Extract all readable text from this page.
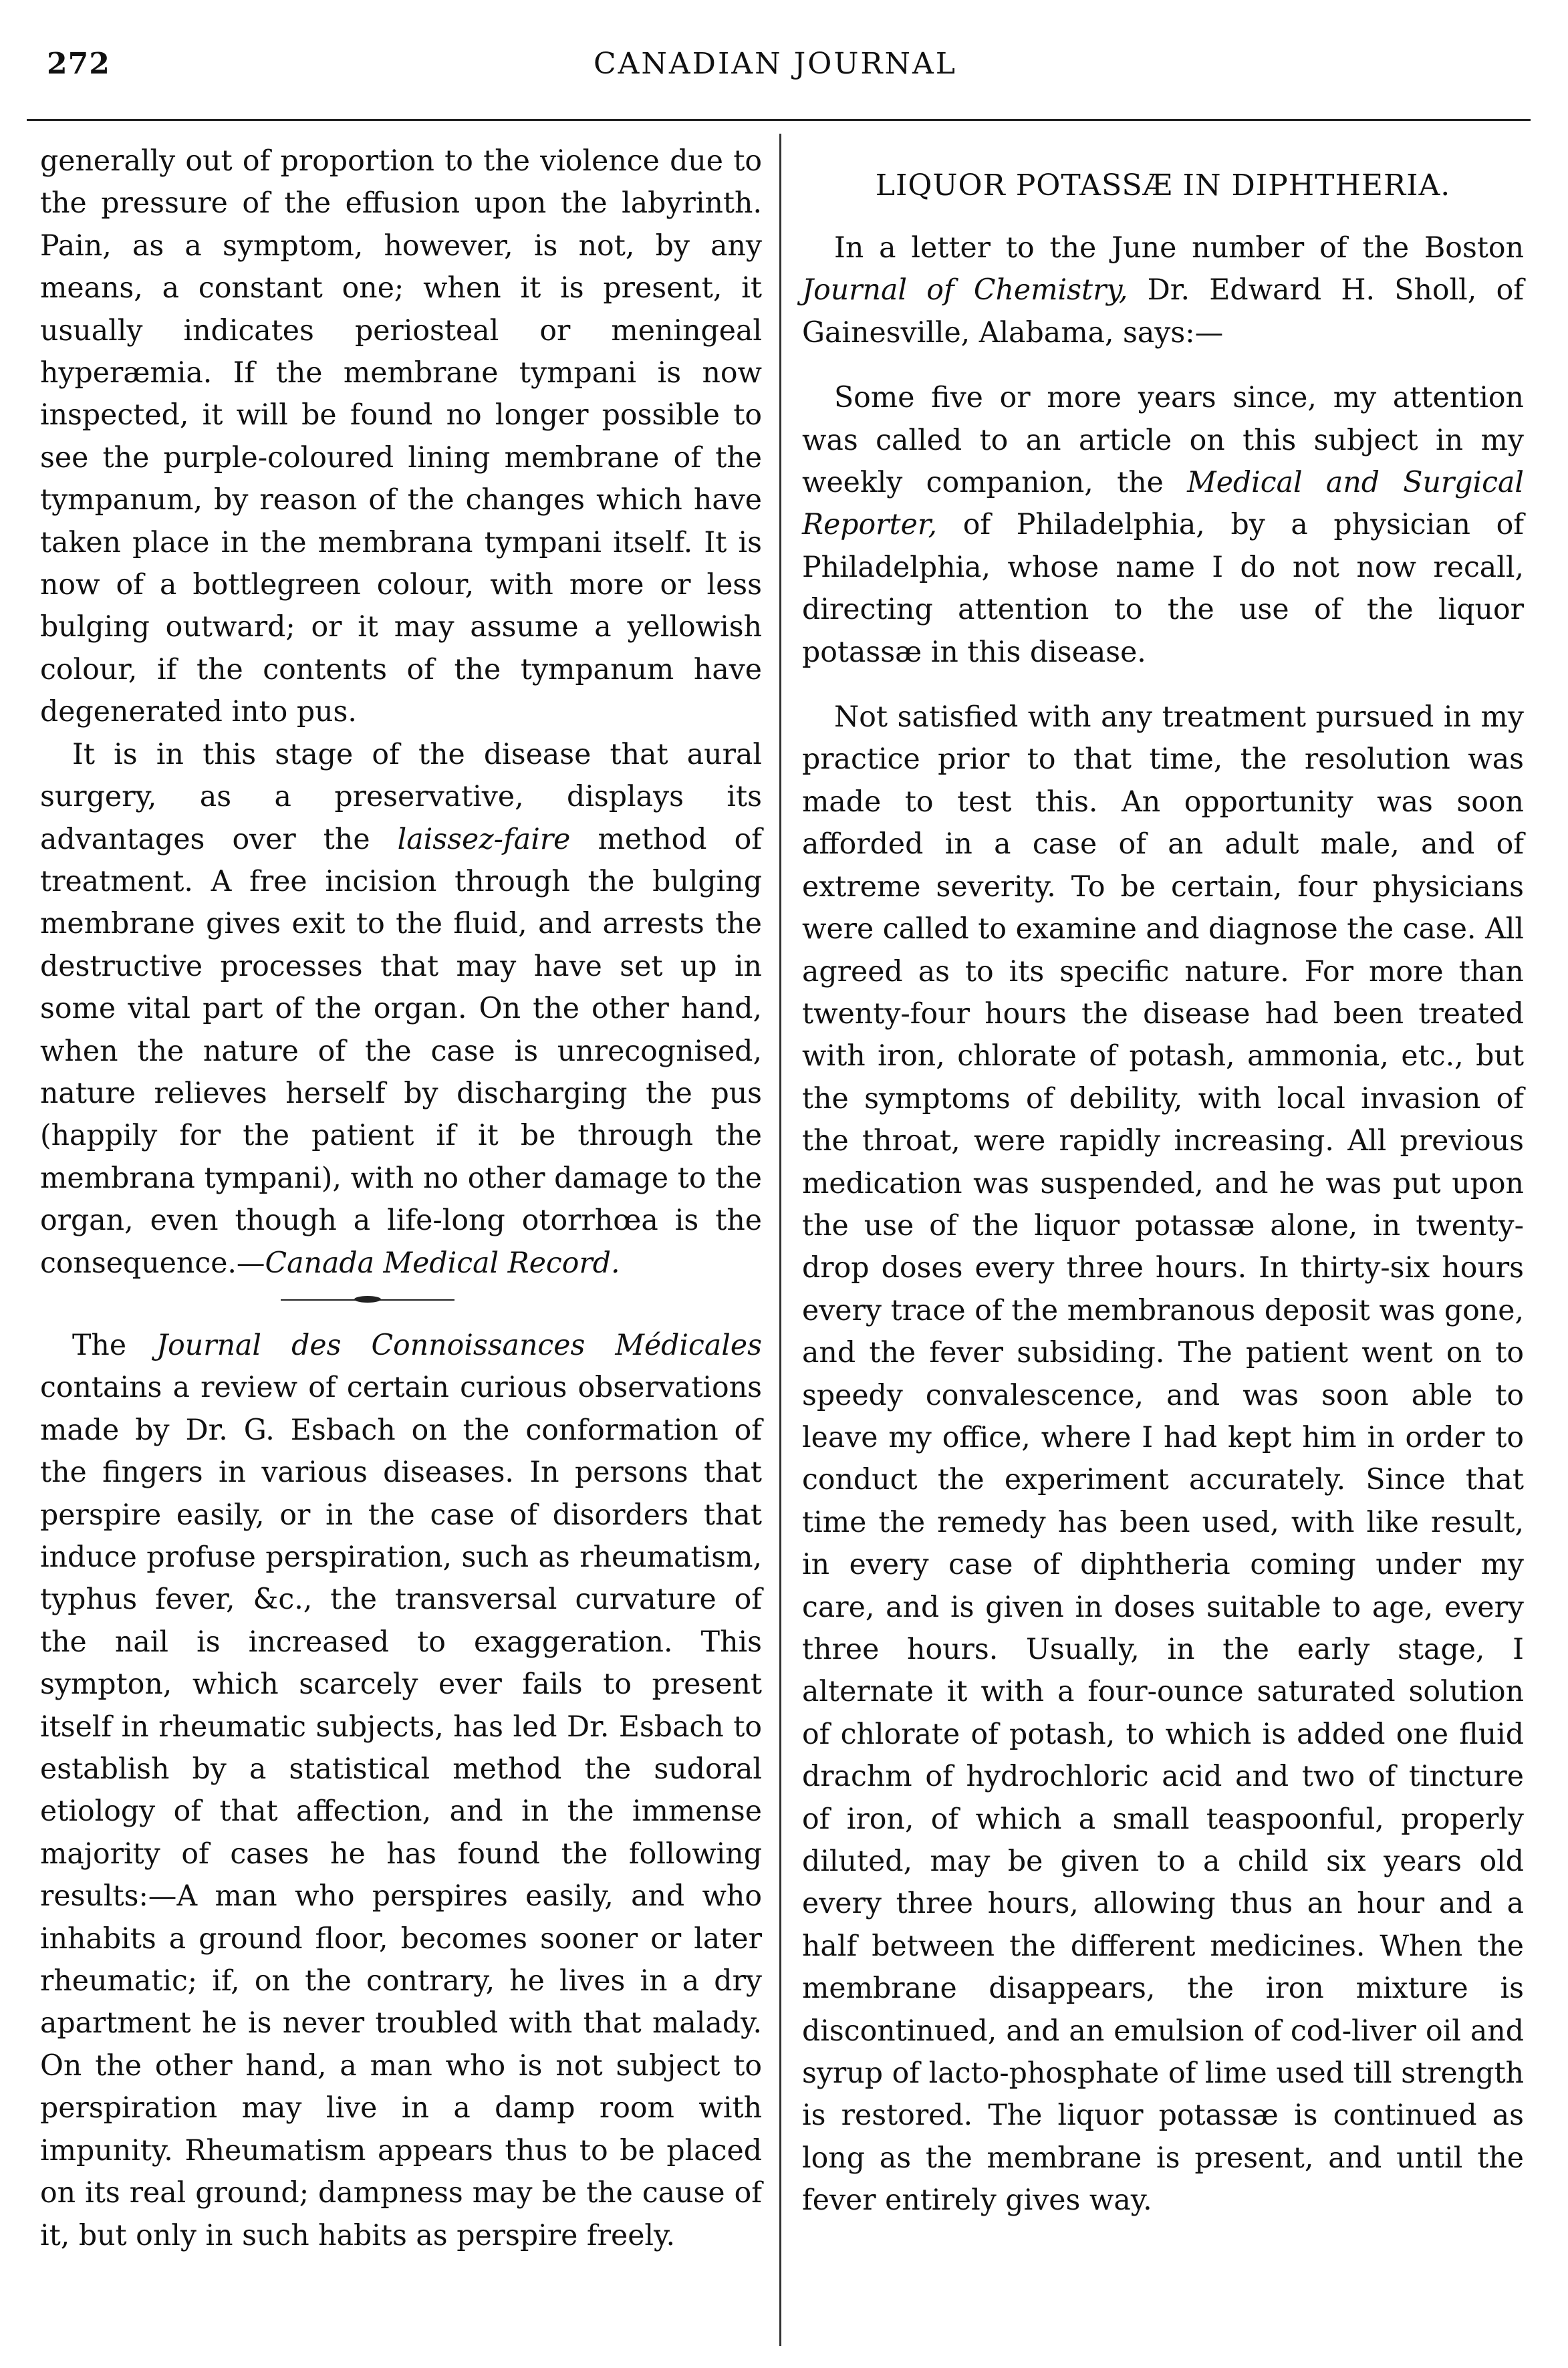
272	CANADIAN JOURNAL

generally out of proportion to the violence due to the pressure of the effusion upon the labyrinth. Pain, as a symptom, however, is not, by any means, a constant one; when it is present, it usually indicates periosteal or meningeal hyperæmia. If the membrane tympani is now inspected, it will be found no longer possible to see the purple-coloured lining membrane of the tympanum, by reason of the changes which have taken place in the membrana tympani itself. It is now of a bottlegreen colour, with more or less bulging outward; or it may assume a yellowish colour, if the contents of the tympanum have degenerated into pus.

It is in this stage of the disease that aural surgery, as a preservative, displays its advantages over the laissez-faire method of treatment. A free incision through the bulging membrane gives exit to the fluid, and arrests the destructive processes that may have set up in some vital part of the organ. On the other hand, when the nature of the case is unrecognised, nature relieves herself by discharging the pus (happily for the patient if it be through the membrana tympani), with no other damage to the organ, even though a life-long otorrhœa is the consequence.—Canada Medical Record.

The Journal des Connoissances Médicales contains a review of certain curious observations made by Dr. G. Esbach on the conformation of the fingers in various diseases. In persons that perspire easily, or in the case of disorders that induce profuse perspiration, such as rheumatism, typhus fever, &c., the transversal curvature of the nail is increased to exaggeration. This sympton, which scarcely ever fails to present itself in rheumatic subjects, has led Dr. Esbach to establish by a statistical method the sudoral etiology of that affection, and in the immense majority of cases he has found the following results:—A man who perspires easily, and who inhabits a ground floor, becomes sooner or later rheumatic; if, on the contrary, he lives in a dry apartment he is never troubled with that malady. On the other hand, a man who is not subject to perspiration may live in a damp room with impunity. Rheumatism appears thus to be placed on its real ground; dampness may be the cause of it, but only in such habits as perspire freely.

LIQUOR POTASSÆ IN DIPHTHERIA.

In a letter to the June number of the Boston Journal of Chemistry, Dr. Edward H. Sholl, of Gainesville, Alabama, says:—

Some five or more years since, my attention was called to an article on this subject in my weekly companion, the Medical and Surgical Reporter, of Philadelphia, by a physician of Philadelphia, whose name I do not now recall, directing attention to the use of the liquor potassæ in this disease.

Not satisfied with any treatment pursued in my practice prior to that time, the resolution was made to test this. An opportunity was soon afforded in a case of an adult male, and of extreme severity. To be certain, four physicians were called to examine and diagnose the case. All agreed as to its specific nature. For more than twenty-four hours the disease had been treated with iron, chlorate of potash, ammonia, etc., but the symptoms of debility, with local invasion of the throat, were rapidly increasing. All previous medication was suspended, and he was put upon the use of the liquor potassæ alone, in twenty-drop doses every three hours. In thirty-six hours every trace of the membranous deposit was gone, and the fever subsiding. The patient went on to speedy convalescence, and was soon able to leave my office, where I had kept him in order to conduct the experiment accurately. Since that time the remedy has been used, with like result, in every case of diphtheria coming under my care, and is given in doses suitable to age, every three hours. Usually, in the early stage, I alternate it with a four-ounce saturated solution of chlorate of potash, to which is added one fluid drachm of hydrochloric acid and two of tincture of iron, of which a small teaspoonful, properly diluted, may be given to a child six years old every three hours, allowing thus an hour and a half between the different medicines. When the membrane disappears, the iron mixture is discontinued, and an emulsion of cod-liver oil and syrup of lacto-phosphate of lime used till strength is restored. The liquor potassæ is continued as long as the membrane is present, and until the fever entirely gives way.
